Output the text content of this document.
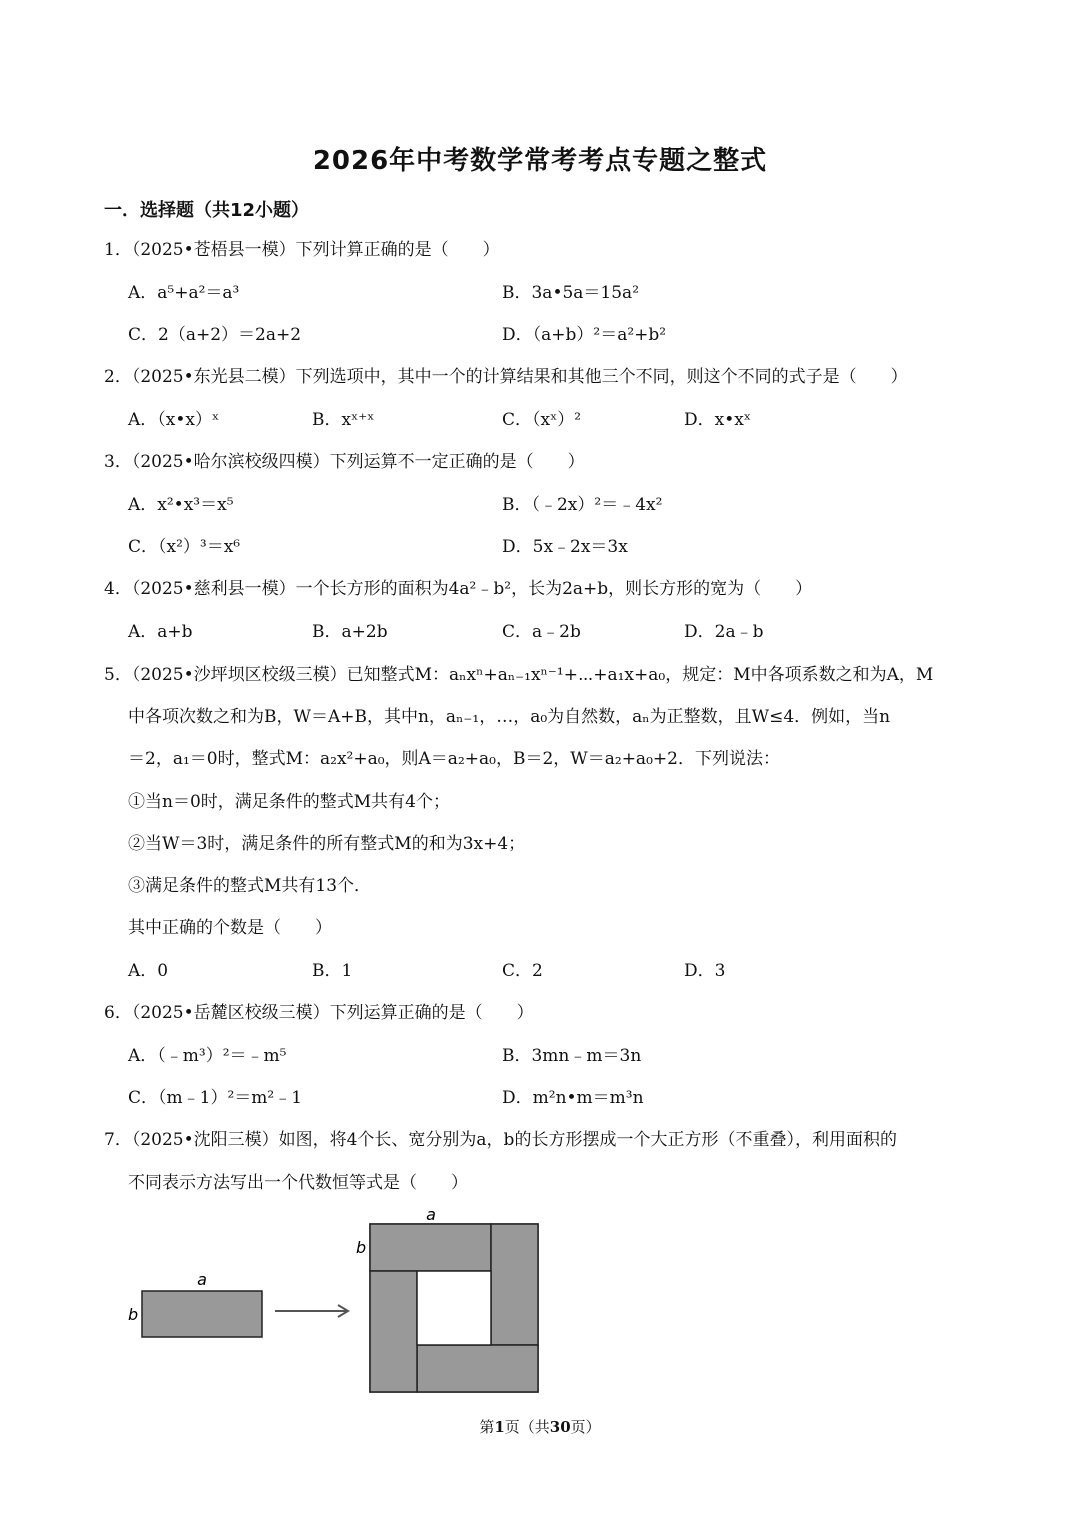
2026年中考数学常考考点专题之整式
一．选择题（共12小题）
1．（2025•苍梧县一模）下列计算正确的是（　　）
A．a⁵+a²＝a³	B．3a•5a＝15a²
C．2（a+2）＝2a+2	D．（a+b）²＝a²+b²
2．（2025•东光县二模）下列选项中，其中一个的计算结果和其他三个不同，则这个不同的式子是（　　）
A．（x•x）ˣ	B．xˣ⁺ˣ	C．（xˣ）²	D．x•xˣ
3．（2025•哈尔滨校级四模）下列运算不一定正确的是（　　）
A．x²•x³＝x⁵	B．（﹣2x）²＝﹣4x²
C．（x²）³＝x⁶	D．5x﹣2x＝3x
4．（2025•慈利县一模）一个长方形的面积为4a²﹣b²，长为2a+b，则长方形的宽为（　　）
A．a+b	B．a+2b	C．a﹣2b	D．2a﹣b
5．（2025•沙坪坝区校级三模）已知整式M：aₙxⁿ+aₙ₋₁xⁿ⁻¹+⋯+a₁x+a₀，规定：M中各项系数之和为A，M
中各项次数之和为B，W＝A+B，其中n，aₙ₋₁，…，a₀为自然数，aₙ为正整数，且W≤4．例如，当n
＝2，a₁＝0时，整式M：a₂x²+a₀，则A＝a₂+a₀，B＝2，W＝a₂+a₀+2．下列说法：
①当n＝0时，满足条件的整式M共有4个；
②当W＝3时，满足条件的所有整式M的和为3x+4；
③满足条件的整式M共有13个．
其中正确的个数是（　　）
A．0	B．1	C．2	D．3
6．（2025•岳麓区校级三模）下列运算正确的是（　　）
A．（﹣m³）²＝﹣m⁵	B．3mn﹣m＝3n
C．（m﹣1）²＝m²﹣1	D．m²n•m＝m³n
7．（2025•沈阳三模）如图，将4个长、宽分别为a，b的长方形摆成一个大正方形（不重叠），利用面积的
不同表示方法写出一个代数恒等式是（　　）
a
b
a
b
第1页（共30页）
